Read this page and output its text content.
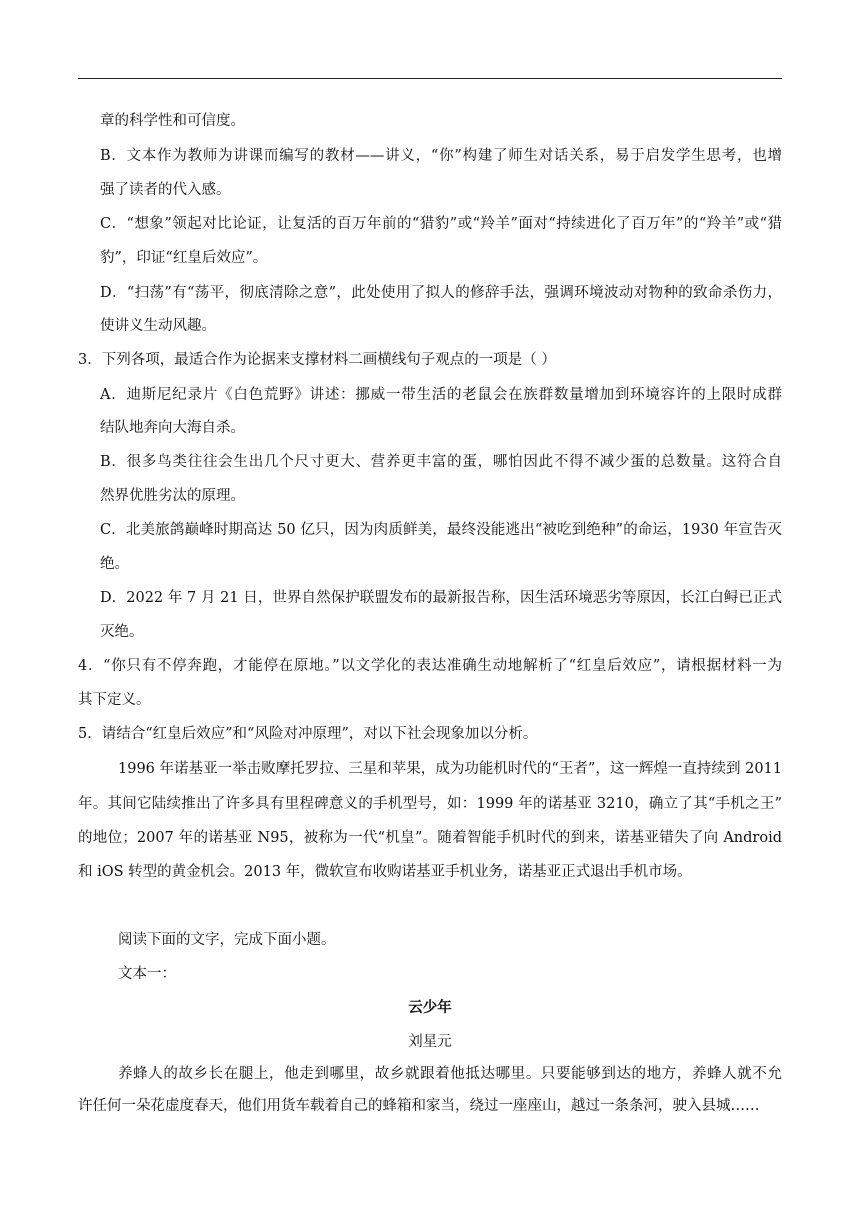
章的科学性和可信度。
B．文本作为教师为讲课而编写的教材——讲义，“你”构建了师生对话关系，易于启发学生思考，也增
强了读者的代入感。
C．“想象”领起对比论证，让复活的百万年前的“猎豹”或“羚羊”面对“持续进化了百万年”的“羚羊”或“猎
豹”，印证“红皇后效应”。
D．“扫荡”有“荡平，彻底清除之意”，此处使用了拟人的修辞手法，强调环境波动对物种的致命杀伤力，
使讲义生动风趣。
3．下列各项，最适合作为论据来支撑材料二画横线句子观点的一项是（ ）
A．迪斯尼纪录片《白色荒野》讲述：挪威一带生活的老鼠会在族群数量增加到环境容许的上限时成群
结队地奔向大海自杀。
B．很多鸟类往往会生出几个尺寸更大、营养更丰富的蛋，哪怕因此不得不减少蛋的总数量。这符合自
然界优胜劣汰的原理。
C．北美旅鸽巅峰时期高达 50 亿只，因为肉质鲜美，最终没能逃出“被吃到绝种”的命运，1930 年宣告灭
绝。
D．2022 年 7 月 21 日，世界自然保护联盟发布的最新报告称，因生活环境恶劣等原因，长江白鲟已正式
灭绝。
4．“你只有不停奔跑，才能停在原地。”以文学化的表达准确生动地解析了“红皇后效应”，请根据材料一为
其下定义。
5．请结合“红皇后效应”和“风险对冲原理”，对以下社会现象加以分析。
1996 年诺基亚一举击败摩托罗拉、三星和苹果，成为功能机时代的“王者”，这一辉煌一直持续到 2011
年。其间它陆续推出了许多具有里程碑意义的手机型号，如：1999 年的诺基亚 3210，确立了其“手机之王”
的地位；2007 年的诺基亚 N95，被称为一代“机皇”。随着智能手机时代的到来，诺基亚错失了向 Android
和 iOS 转型的黄金机会。2013 年，微软宣布收购诺基亚手机业务，诺基亚正式退出手机市场。
阅读下面的文字，完成下面小题。
文本一：
云少年
刘星元
养蜂人的故乡长在腿上，他走到哪里，故乡就跟着他抵达哪里。只要能够到达的地方，养蜂人就不允
许任何一朵花虚度春天，他们用货车载着自己的蜂箱和家当，绕过一座座山，越过一条条河，驶入县城……
